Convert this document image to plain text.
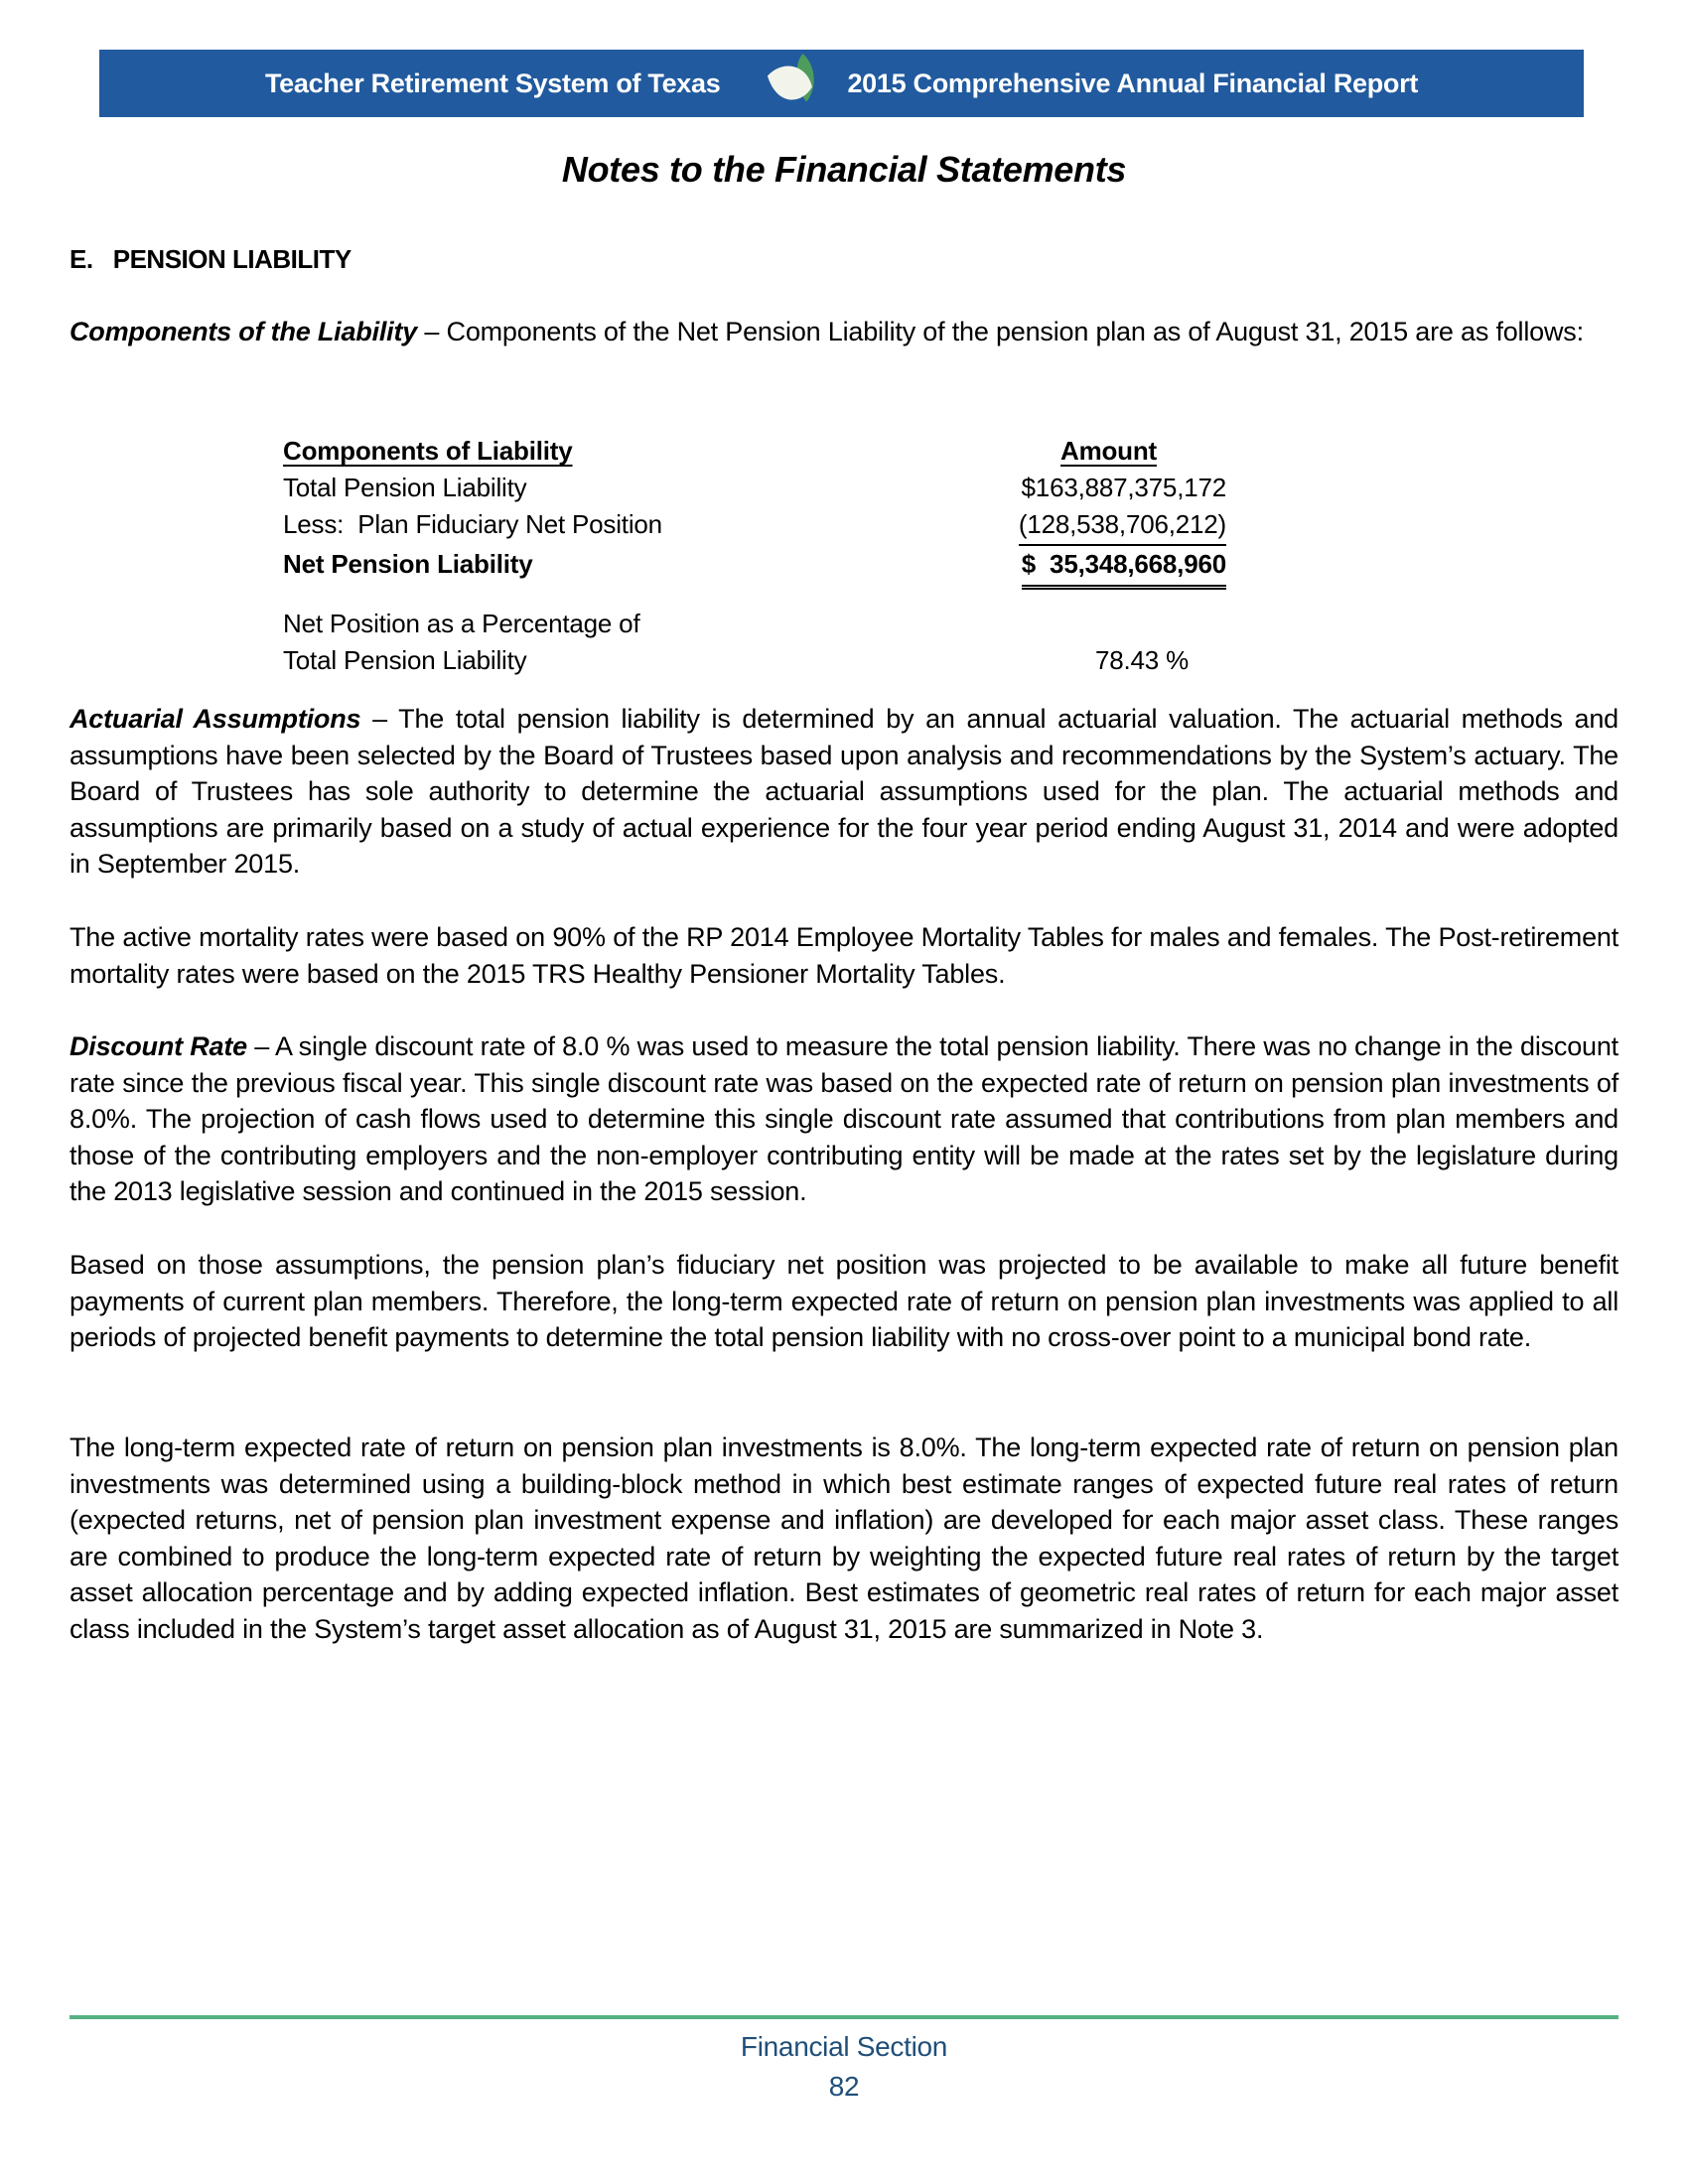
Teacher Retirement System of Texas	2015 Comprehensive Annual Financial Report
Notes to the Financial Statements
E.   PENSION LIABILITY

Components of the Liability – Components of the Net Pension Liability of the pension plan as of August 31, 2015 are as follows:

Components of Liability	Amount
Total Pension Liability	$163,887,375,172
Less:  Plan Fiduciary Net Position	(128,538,706,212)
Net Pension Liability	$  35,348,668,960
Net Position as a Percentage of
Total Pension Liability	78.43 %

Actuarial Assumptions – The total pension liability is determined by an annual actuarial valuation. The actuarial methods and assumptions have been selected by the Board of Trustees based upon analysis and recommendations by the System’s actuary. The Board of Trustees has sole authority to determine the actuarial assumptions used for the plan. The actuarial methods and assumptions are primarily based on a study of actual experience for the four year period ending August 31, 2014 and were adopted in September 2015.

The active mortality rates were based on 90% of the RP 2014 Employee Mortality Tables for males and females. The Post-retirement mortality rates were based on the 2015 TRS Healthy Pensioner Mortality Tables.

Discount Rate – A single discount rate of 8.0 % was used to measure the total pension liability. There was no change in the discount rate since the previous fiscal year. This single discount rate was based on the expected rate of return on pension plan investments of 8.0%. The projection of cash flows used to determine this single discount rate assumed that contributions from plan members and those of the contributing employers and the non-employer contributing entity will be made at the rates set by the legislature during the 2013 legislative session and continued in the 2015 session.

Based on those assumptions, the pension plan’s fiduciary net position was projected to be available to make all future benefit payments of current plan members. Therefore, the long-term expected rate of return on pension plan investments was applied to all periods of projected benefit payments to determine the total pension liability with no cross-over point to a municipal bond rate.

The long-term expected rate of return on pension plan investments is 8.0%. The long-term expected rate of return on pension plan investments was determined using a building-block method in which best estimate ranges of expected future real rates of return (expected returns, net of pension plan investment expense and inflation) are developed for each major asset class. These ranges are combined to produce the long-term expected rate of return by weighting the expected future real rates of return by the target asset allocation percentage and by adding expected inflation. Best estimates of geometric real rates of return for each major asset class included in the System’s target asset allocation as of August 31, 2015 are summarized in Note 3.

Financial Section
82
